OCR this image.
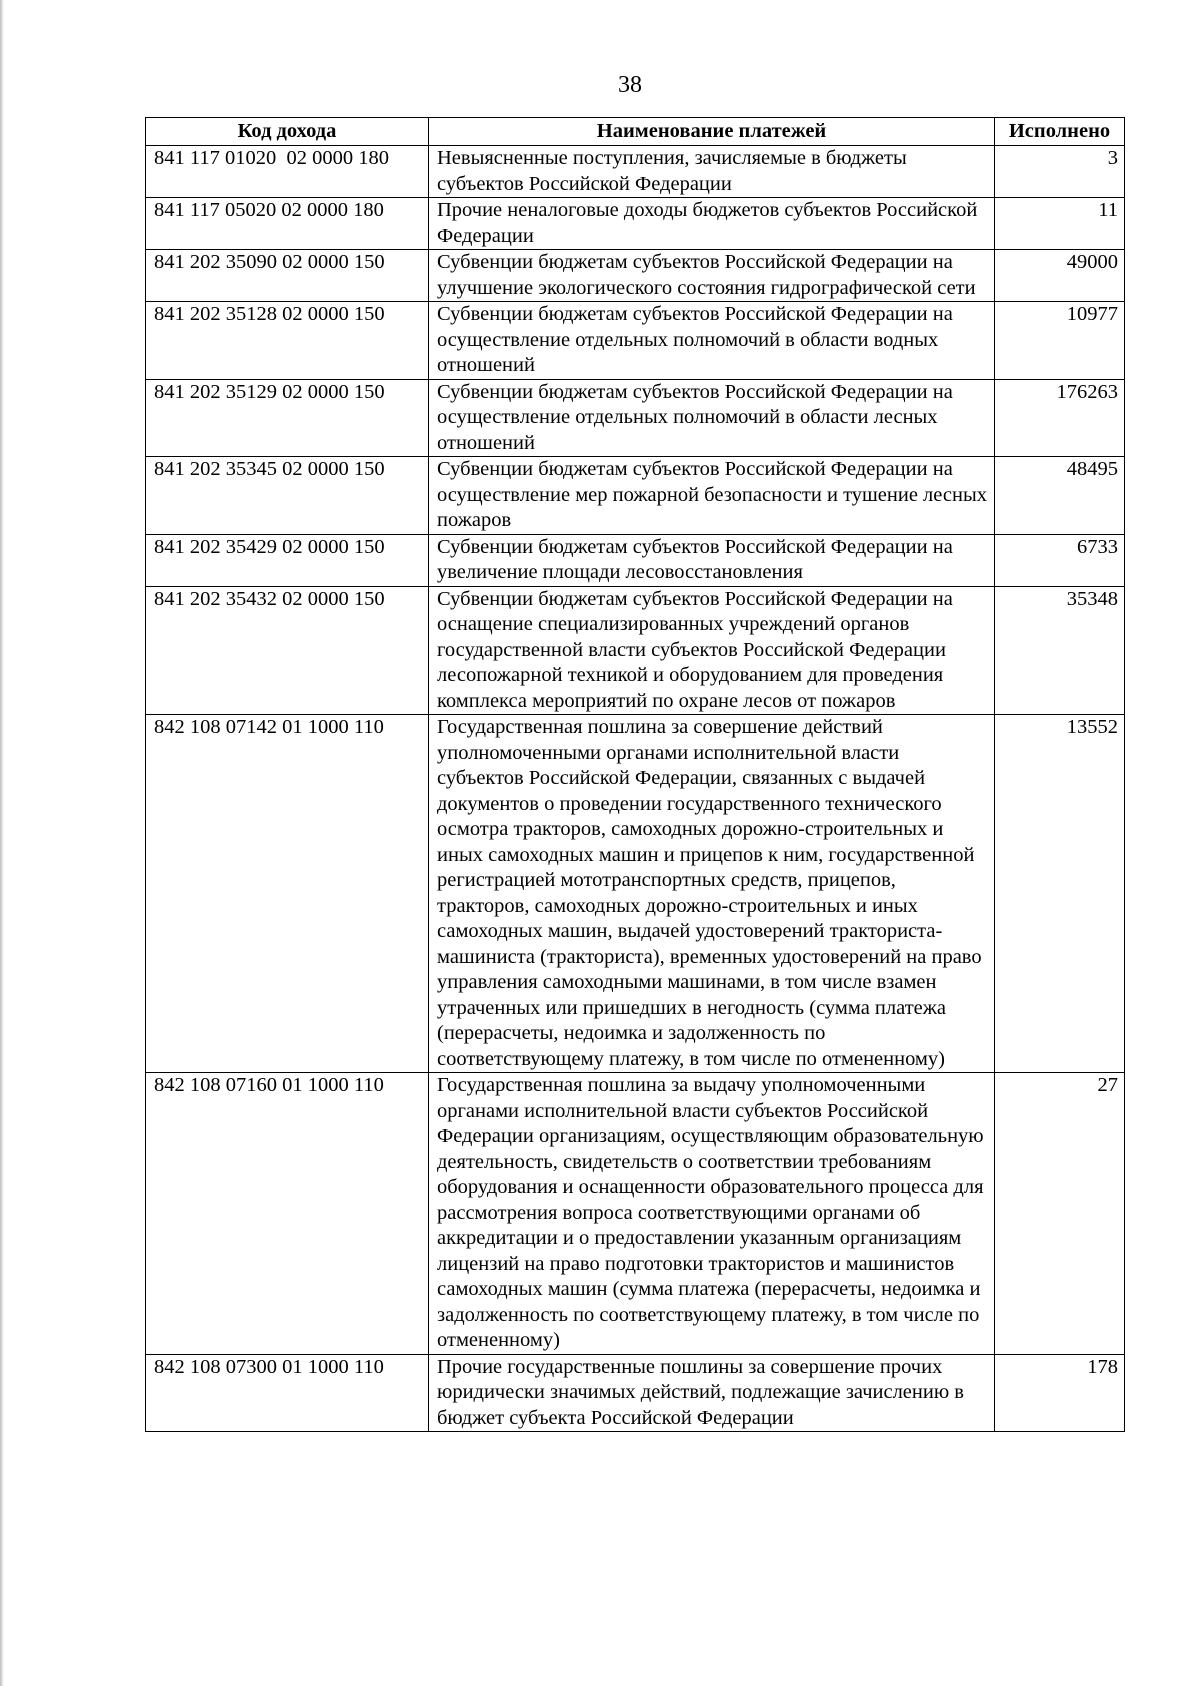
38
Код дохода	Наименование платежей	Исполнено
841 117 01020  02 0000 180	Невыясненные поступления, зачисляемые в бюджеты субъектов Российской Федерации	3
841 117 05020 02 0000 180	Прочие неналоговые доходы бюджетов субъектов Российской Федерации	11
841 202 35090 02 0000 150	Субвенции бюджетам субъектов Российской Федерации на улучшение экологического состояния гидрографической сети	49000
841 202 35128 02 0000 150	Субвенции бюджетам субъектов Российской Федерации на осуществление отдельных полномочий в области водных отношений	10977
841 202 35129 02 0000 150	Субвенции бюджетам субъектов Российской Федерации на осуществление отдельных полномочий в области лесных отношений	176263
841 202 35345 02 0000 150	Субвенции бюджетам субъектов Российской Федерации на осуществление мер пожарной безопасности и тушение лесных пожаров	48495
841 202 35429 02 0000 150	Субвенции бюджетам субъектов Российской Федерации на увеличение площади лесовосстановления	6733
841 202 35432 02 0000 150	Субвенции бюджетам субъектов Российской Федерации на оснащение специализированных учреждений органов государственной власти субъектов Российской Федерации лесопожарной техникой и оборудованием для проведения комплекса мероприятий по охране лесов от пожаров	35348
842 108 07142 01 1000 110	Государственная пошлина за совершение действий уполномоченными органами исполнительной власти субъектов Российской Федерации, связанных с выдачей документов о проведении государственного технического осмотра тракторов, самоходных дорожно-строительных и иных самоходных машин и прицепов к ним, государственной регистрацией мототранспортных средств, прицепов, тракторов, самоходных дорожно-строительных и иных самоходных машин, выдачей удостоверений тракториста-машиниста (тракториста), временных удостоверений на право управления самоходными машинами, в том числе взамен утраченных или пришедших в негодность (сумма платежа (перерасчеты, недоимка и задолженность по соответствующему платежу, в том числе по отмененному)	13552
842 108 07160 01 1000 110	Государственная пошлина за выдачу уполномоченными органами исполнительной власти субъектов Российской Федерации организациям, осуществляющим образовательную деятельность, свидетельств о соответствии требованиям оборудования и оснащенности образовательного процесса для рассмотрения вопроса соответствующими органами об аккредитации и о предоставлении указанным организациям лицензий на право подготовки трактористов и машинистов самоходных машин (сумма платежа (перерасчеты, недоимка и задолженность по соответствующему платежу, в том числе по отмененному)	27
842 108 07300 01 1000 110	Прочие государственные пошлины за совершение прочих юридически значимых действий, подлежащие зачислению в бюджет субъекта Российской Федерации	178
